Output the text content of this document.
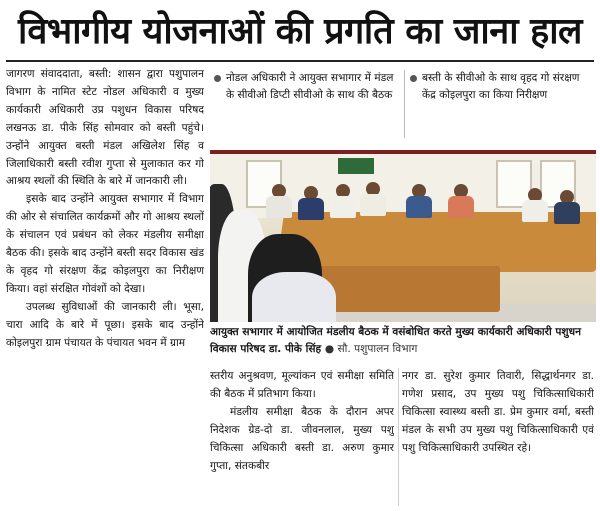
विभागीय योजनाओं की प्रगति का जाना हाल

जागरण संवाददाता, बस्ती: शासन द्वारा पशुपालन विभाग के नामित स्टेट नोडल अधिकारी व मुख्य कार्यकारी अधिकारी उप्र पशुधन विकास परिषद लखनऊ डा. पीके सिंह सोमवार को बस्ती पहुंचे। उन्होंने आयुक्त बस्ती मंडल अखिलेश सिंह व जिलाधिकारी बस्ती रवीश गुप्ता से मुलाकात कर गो आश्रय स्थलों की स्थिति के बारे में जानकारी ली।

इसके बाद उन्होंने आयुक्त सभागार में विभाग की ओर से संचालित कार्यक्रमों और गो आश्रय स्थलों के संचालन एवं प्रबंधन को लेकर मंडलीय समीक्षा बैठक की। इसके बाद उन्होंने बस्ती सदर विकास खंड के वृहद गो संरक्षण केंद्र कोइलपुरा का निरीक्षण किया। वहां संरक्षित गोवंशों को देखा।

उपलब्ध सुविधाओं की जानकारी ली। भूसा, चारा आदि के बारे में पूछा। इसके बाद उन्होंने कोइलपुरा ग्राम पंचायत के पंचायत भवन में ग्राम

नोडल अधिकारी ने आयुक्त सभागार में मंडल के सीवीओ डिप्टी सीवीओ के साथ की बैठक
बस्ती के सीवीओ के साथ वृहद गो संरक्षण केंद्र कोइलपुरा का किया निरीक्षण
आयुक्त सभागार में आयोजित मंडलीय बैठक में वसंबोधित करते मुख्य कार्यकारी अधिकारी पशुधन विकास परिषद डा. पीके सिंह ● सौ. पशुपालन विभाग

स्तरीय अनुश्रवण, मूल्यांकन एवं समीक्षा समिति की बैठक में प्रतिभाग किया।

मंडलीय समीक्षा बैठक के दौरान अपर निदेशक ग्रेड-दो डा. जीवनलाल, मुख्य पशु चिकित्सा अधिकारी बस्ती डा. अरुण कुमार गुप्ता, संतकबीर

नगर डा. सुरेश कुमार तिवारी, सिद्धार्थनगर डा. गणेश प्रसाद, उप मुख्य पशु चिकित्साधिकारी चिकित्सा स्वास्थ्य बस्ती डा. प्रेम कुमार वर्मा, बस्ती मंडल के सभी उप मुख्य पशु चिकित्साधिकारी एवं पशु चिकित्साधिकारी उपस्थित रहे।
